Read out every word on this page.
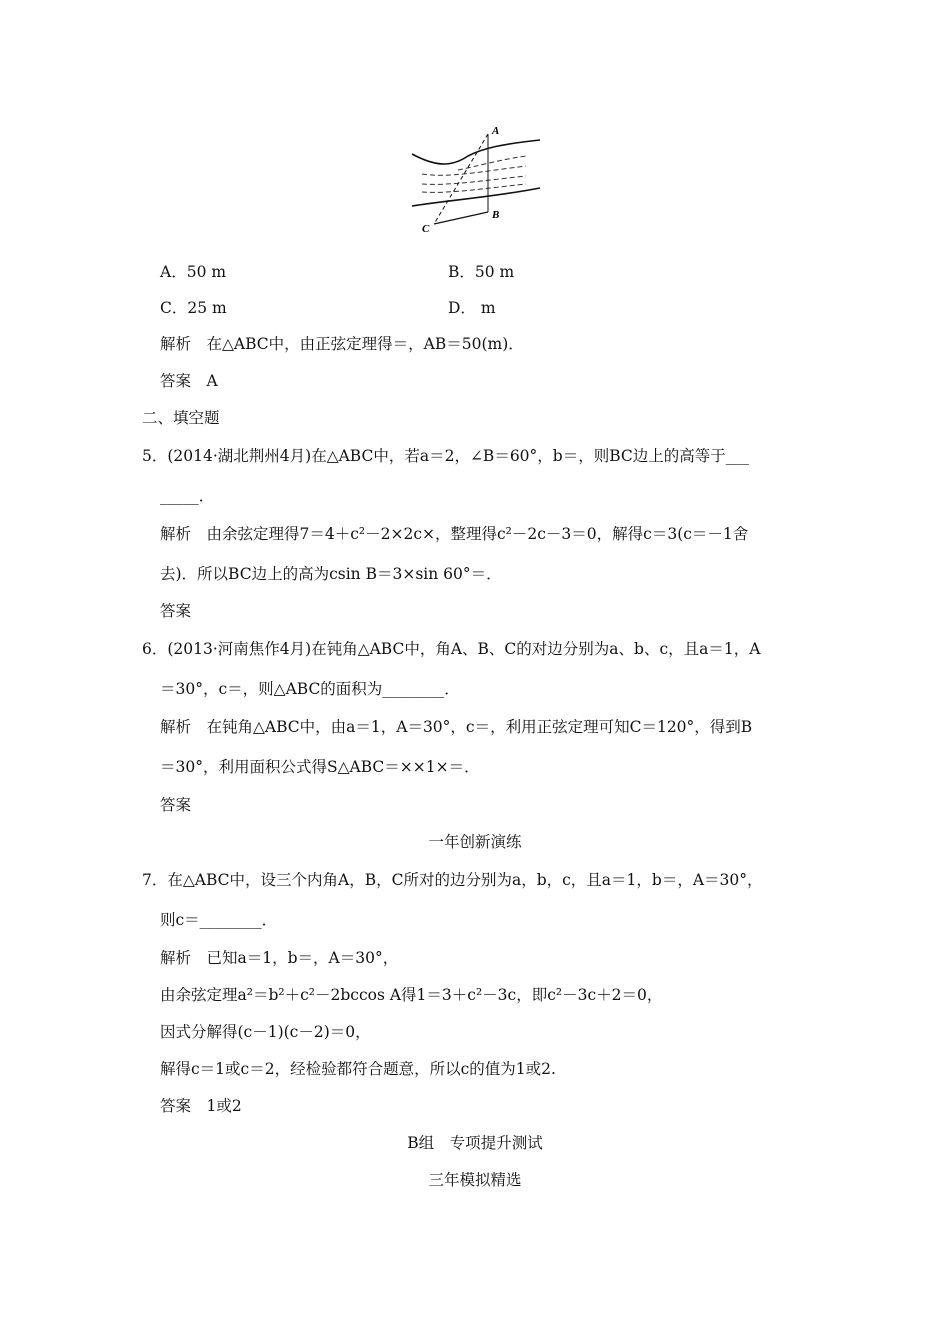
A
B
C
A．50 m	B．50 m
C．25 m	D． m
解析　在△ABC中，由正弦定理得＝，AB＝50(m)．
答案　A
二、填空题
5．(2014·湖北荆州4月)在△ABC中，若a＝2，∠B＝60°，b＝，则BC边上的高等于___
_____．
解析　由余弦定理得7＝4＋c²－2×2c×，整理得c²－2c－3＝0，解得c＝3(c＝－1舍
去)．所以BC边上的高为csin B＝3×sin 60°＝．
答案
6．(2013·河南焦作4月)在钝角△ABC中，角A、B、C的对边分别为a、b、c，且a＝1，A
＝30°，c＝，则△ABC的面积为________．
解析　在钝角△ABC中，由a＝1，A＝30°，c＝，利用正弦定理可知C＝120°，得到B
＝30°，利用面积公式得S△ABC＝××1×＝．
答案
一年创新演练
7．在△ABC中，设三个内角A，B，C所对的边分别为a，b，c，且a＝1，b＝，A＝30°，
则c＝________．
解析　已知a＝1，b＝，A＝30°，
由余弦定理a²＝b²＋c²－2bccos A得1＝3＋c²－3c，即c²－3c＋2＝0，
因式分解得(c－1)(c－2)＝0，
解得c＝1或c＝2，经检验都符合题意，所以c的值为1或2.
答案　1或2
B组　专项提升测试
三年模拟精选
